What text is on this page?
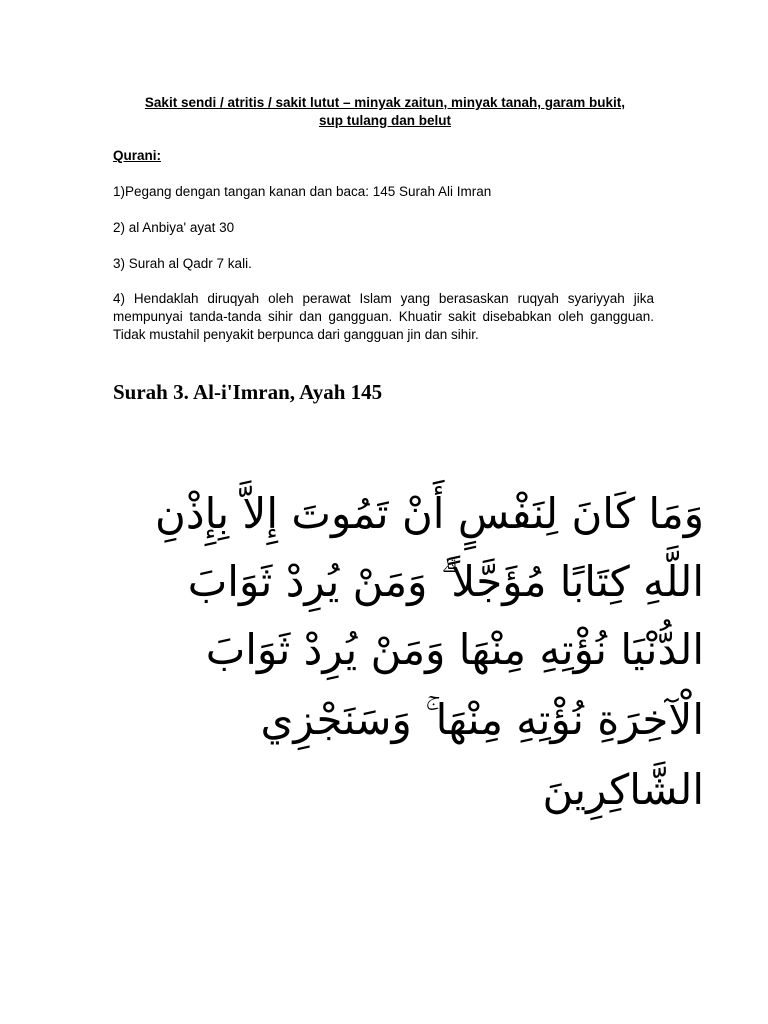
Sakit sendi / atritis / sakit lutut – minyak zaitun, minyak tanah, garam bukit,
sup tulang dan belut
Qurani:
1)Pegang dengan tangan kanan dan baca: 145 Surah Ali Imran
2) al Anbiya' ayat 30
3) Surah al Qadr 7 kali.
4) Hendaklah diruqyah oleh perawat Islam yang berasaskan ruqyah syariyyah jika mempunyai tanda-tanda sihir dan gangguan. Khuatir sakit disebabkan oleh gangguan. Tidak mustahil penyakit berpunca dari gangguan jin dan sihir.
Surah 3. Al-i'Imran, Ayah 145
وَمَا كَانَ لِنَفْسٍ أَنْ تَمُوتَ إِلاَّ بِإِذْنِ
اللَّهِ كِتَابًا مُؤَجَّلاً ۗ وَمَنْ يُرِدْ ثَوَابَ
الدُّنْيَا نُؤْتِهِ مِنْهَا وَمَنْ يُرِدْ ثَوَابَ
الْآخِرَةِ نُؤْتِهِ مِنْهَا ۚ وَسَنَجْزِي
الشَّاكِرِينَ
